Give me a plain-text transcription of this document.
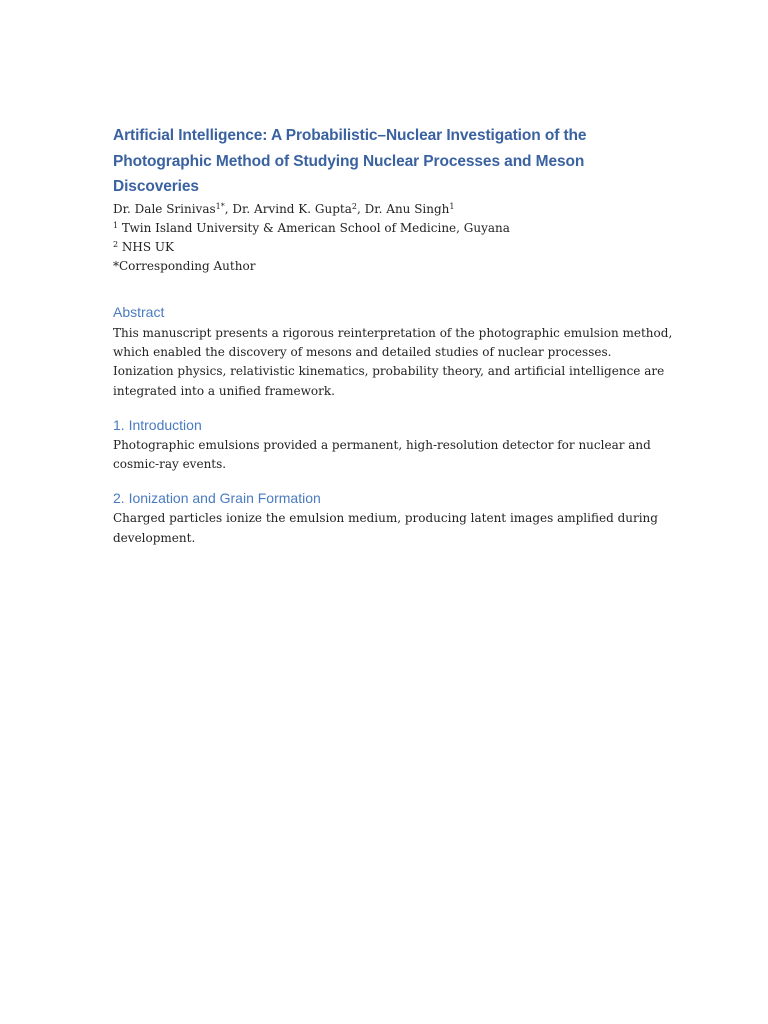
Artificial Intelligence: A Probabilistic–Nuclear Investigation of the Photographic Method of Studying Nuclear Processes and Meson Discoveries

Dr. Dale Srinivas$^{1*}$, Dr. Arvind K. Gupta$^2$, Dr. Anu Singh$^1$

$^1$ Twin Island University & American School of Medicine, Guyana

$^2$ NHS UK

*Corresponding Author

Abstract

This manuscript presents a rigorous reinterpretation of the photographic emulsion method, which enabled the discovery of mesons and detailed studies of nuclear processes. Ionization physics, relativistic kinematics, probability theory, and artificial intelligence are integrated into a unified framework.

1. Introduction

Photographic emulsions provided a permanent, high-resolution detector for nuclear and cosmic-ray events.

2. Ionization and Grain Formation

Charged particles ionize the emulsion medium, producing latent images amplified during development.
